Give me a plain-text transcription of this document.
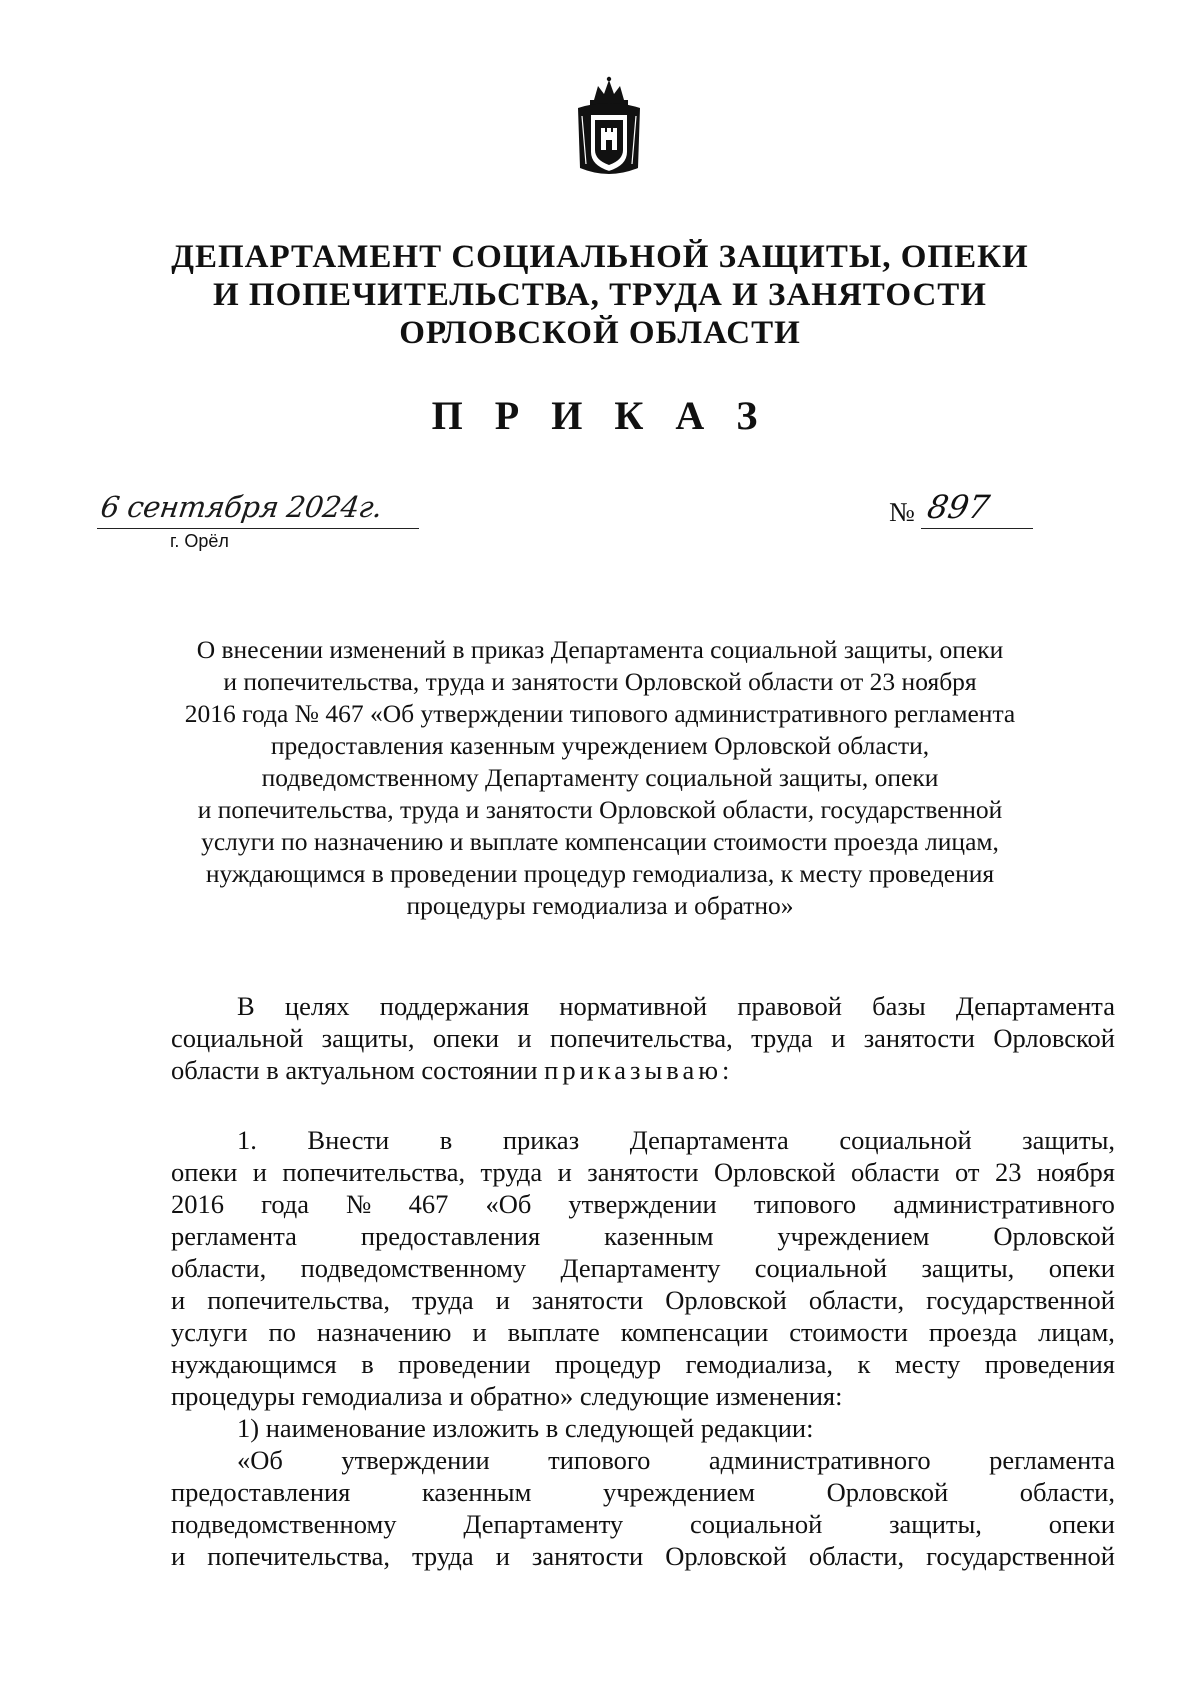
ДЕПАРТАМЕНТ СОЦИАЛЬНОЙ ЗАЩИТЫ, ОПЕКИ
И ПОПЕЧИТЕЛЬСТВА, ТРУДА И ЗАНЯТОСТИ
ОРЛОВСКОЙ ОБЛАСТИ
П Р И К А З
6 сентября 2024г.
г. Орёл
№ 897
О внесении изменений в приказ Департамента социальной защиты, опеки
и попечительства, труда и занятости Орловской области от 23 ноября
2016 года № 467 «Об утверждении типового административного регламента
предоставления казенным учреждением Орловской области,
подведомственному Департаменту социальной защиты, опеки
и попечительства, труда и занятости Орловской области, государственной
услуги по назначению и выплате компенсации стоимости проезда лицам,
нуждающимся в проведении процедур гемодиализа, к месту проведения
процедуры гемодиализа и обратно»
В целях поддержания нормативной правовой базы Департамента
социальной защиты, опеки и попечительства, труда и занятости Орловской
области в актуальном состоянии приказываю:
1. Внести в приказ Департамента социальной защиты,
опеки и попечительства, труда и занятости Орловской области от 23 ноября
2016 года № 467 «Об утверждении типового административного
регламента предоставления казенным учреждением Орловской
области, подведомственному Департаменту социальной защиты, опеки
и попечительства, труда и занятости Орловской области, государственной
услуги по назначению и выплате компенсации стоимости проезда лицам,
нуждающимся в проведении процедур гемодиализа, к месту проведения
процедуры гемодиализа и обратно» следующие изменения:
1) наименование изложить в следующей редакции:
«Об утверждении типового административного регламента
предоставления	казенным	учреждением	Орловской	области,
подведомственному	Департаменту	социальной	защиты,	опеки
и попечительства, труда и занятости Орловской области, государственной
